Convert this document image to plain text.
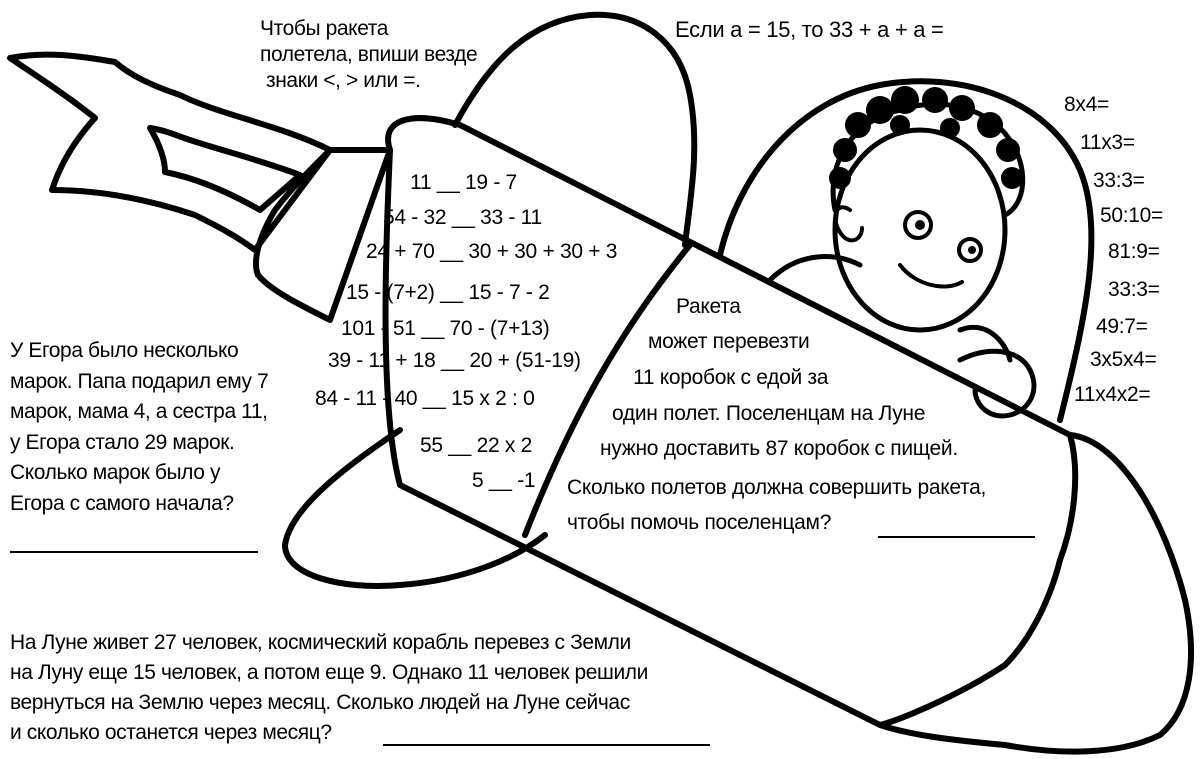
Чтобы ракета
полетела, впиши везде
знаки <, > или =.
Если а = 15, то 33 + а + а =
11 __ 19 - 7
54 - 32 __ 33 - 11
24 + 70 __ 30 + 30 + 30 + 3
15 - (7+2) __ 15 - 7 - 2
101 - 51 __ 70 - (7+13)
39 - 11 + 18 __ 20 + (51-19)
84 - 11 - 40 __ 15 х 2 : 0
55 __ 22 х 2
5 __ -1
8х4=
11х3=
33:3=
50:10=
81:9=
33:3=
49:7=
3х5х4=
11х4х2=
Ракета
может перевезти
11 коробок с едой за
один полет. Поселенцам на Луне
нужно доставить 87 коробок с пищей.
Сколько полетов должна совершить ракета,
чтобы помочь поселенцам?
У Егора было несколько
марок. Папа подарил ему 7
марок, мама 4, а сестра 11,
у Егора стало 29 марок.
Сколько марок было у
Егора с самого начала?
На Луне живет 27 человек, космический корабль перевез с Земли
на Луну еще 15 человек, а потом еще 9. Однако 11 человек решили
вернуться на Землю через месяц. Сколько людей на Луне сейчас
и сколько останется через месяц?
